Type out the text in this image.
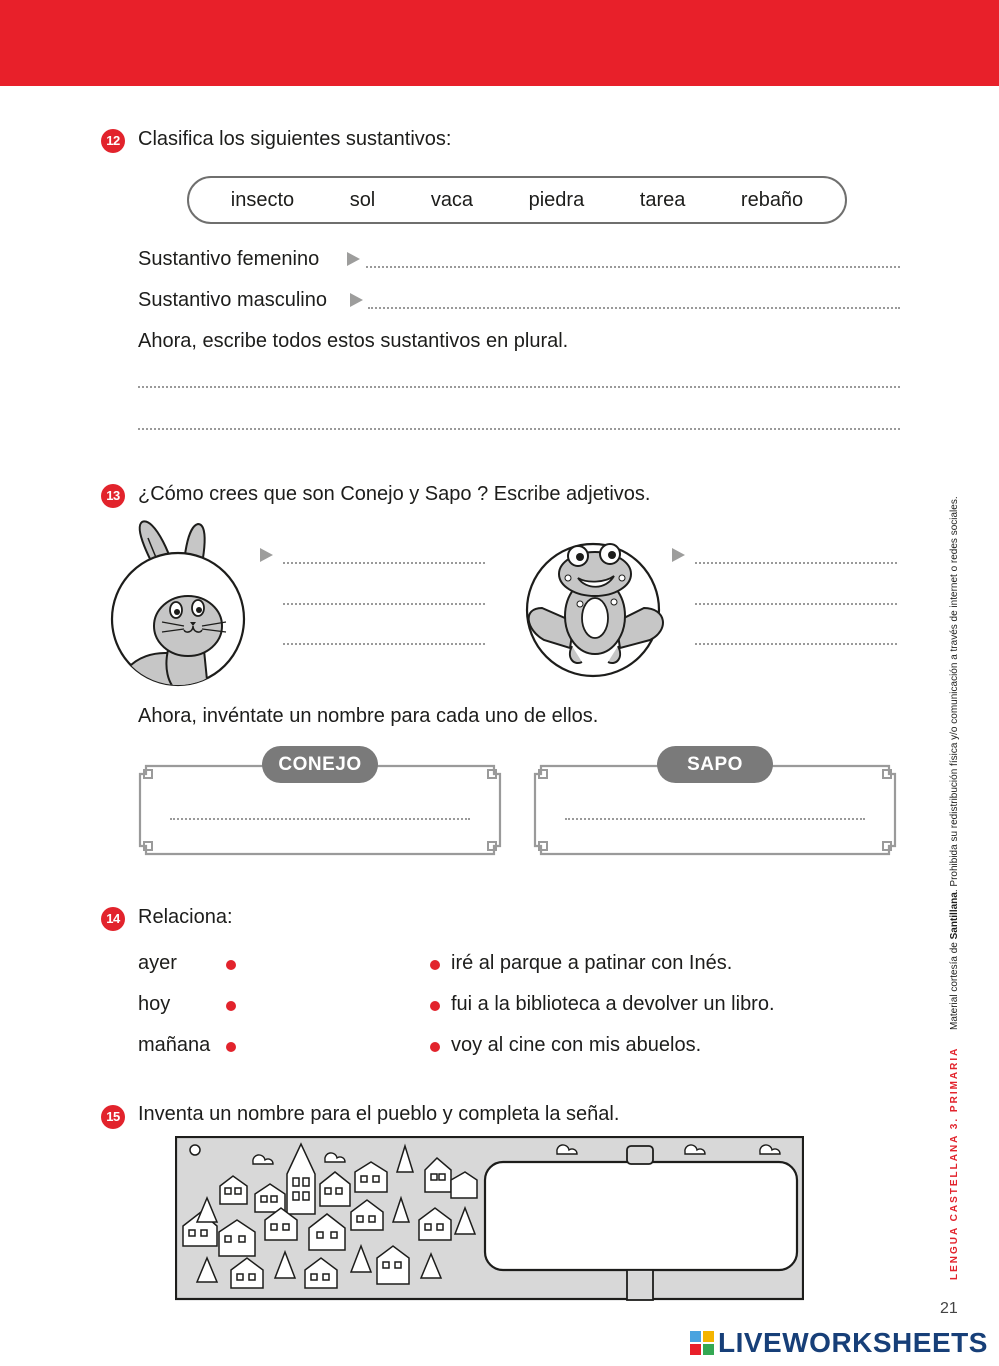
12 Clasifica los siguientes sustantivos:
insecto	sol	vaca	piedra	tarea	rebaño
Sustantivo femenino
Sustantivo masculino
Ahora, escribe todos estos sustantivos en plural.
13 ¿Cómo crees que son Conejo y Sapo ? Escribe adjetivos.
Ahora, invéntate un nombre para cada uno de ellos.
CONEJO	SAPO
14 Relaciona:
ayer
hoy
mañana
iré al parque a patinar con Inés.
fui a la biblioteca a devolver un libro.
voy al cine con mis abuelos.
15 Inventa un nombre para el pueblo y completa la señal.	LENGUA CASTELLANA 3. PRIMARIA
Material cortesía de Santillana. Prohibida su redistribución física y/o comunicación a través de internet o redes sociales.
21
LIVEWORKSHEETS
